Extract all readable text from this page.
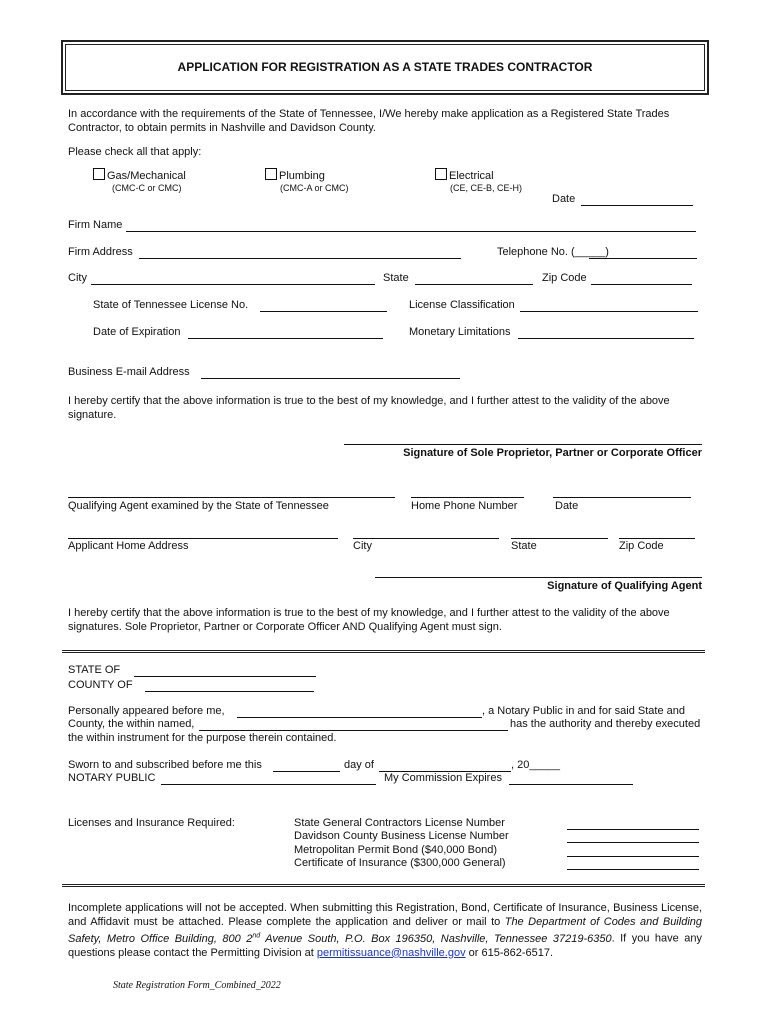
APPLICATION FOR REGISTRATION AS A STATE TRADES CONTRACTOR
In accordance with the requirements of the State of Tennessee, I/We hereby make application as a Registered State Trades Contractor, to obtain permits in Nashville and Davidson County.
Please check all that apply:
Gas/Mechanical
(CMC-C or CMC)
Plumbing
(CMC-A or CMC)
Electrical
(CE, CE-B, CE-H)
Date
Firm Name
Firm Address	Telephone No. (_____)
City	State	Zip Code
State of Tennessee License No.	License Classification
Date of Expiration	Monetary Limitations
Business E-mail Address
I hereby certify that the above information is true to the best of my knowledge, and I further attest to the validity of the above signature.
Signature of Sole Proprietor, Partner or Corporate Officer
Qualifying Agent examined by the State of Tennessee	Home Phone Number	Date
Applicant Home Address	City	State	Zip Code
Signature of Qualifying Agent
I hereby certify that the above information is true to the best of my knowledge, and I further attest to the validity of the above signatures. Sole Proprietor, Partner or Corporate Officer AND Qualifying Agent must sign.
STATE OF
COUNTY OF
Personally appeared before me,	, a Notary Public in and for said State and
County, the within named,	has the authority and thereby executed
the within instrument for the purpose therein contained.
Sworn to and subscribed before me this	day of	, 20_____
NOTARY PUBLIC	My Commission Expires
Licenses and Insurance Required:	State General Contractors License Number
Davidson County Business License Number
Metropolitan Permit Bond ($40,000 Bond)
Certificate of Insurance ($300,000 General)
Incomplete applications will not be accepted. When submitting this Registration, Bond, Certificate of Insurance, Business License, and Affidavit must be attached. Please complete the application and deliver or mail to The Department of Codes and Building Safety, Metro Office Building, 800 2nd Avenue South, P.O. Box 196350, Nashville, Tennessee 37219-6350. If you have any questions please contact the Permitting Division at permitissuance@nashville.gov or 615-862-6517.
State Registration Form_Combined_2022
